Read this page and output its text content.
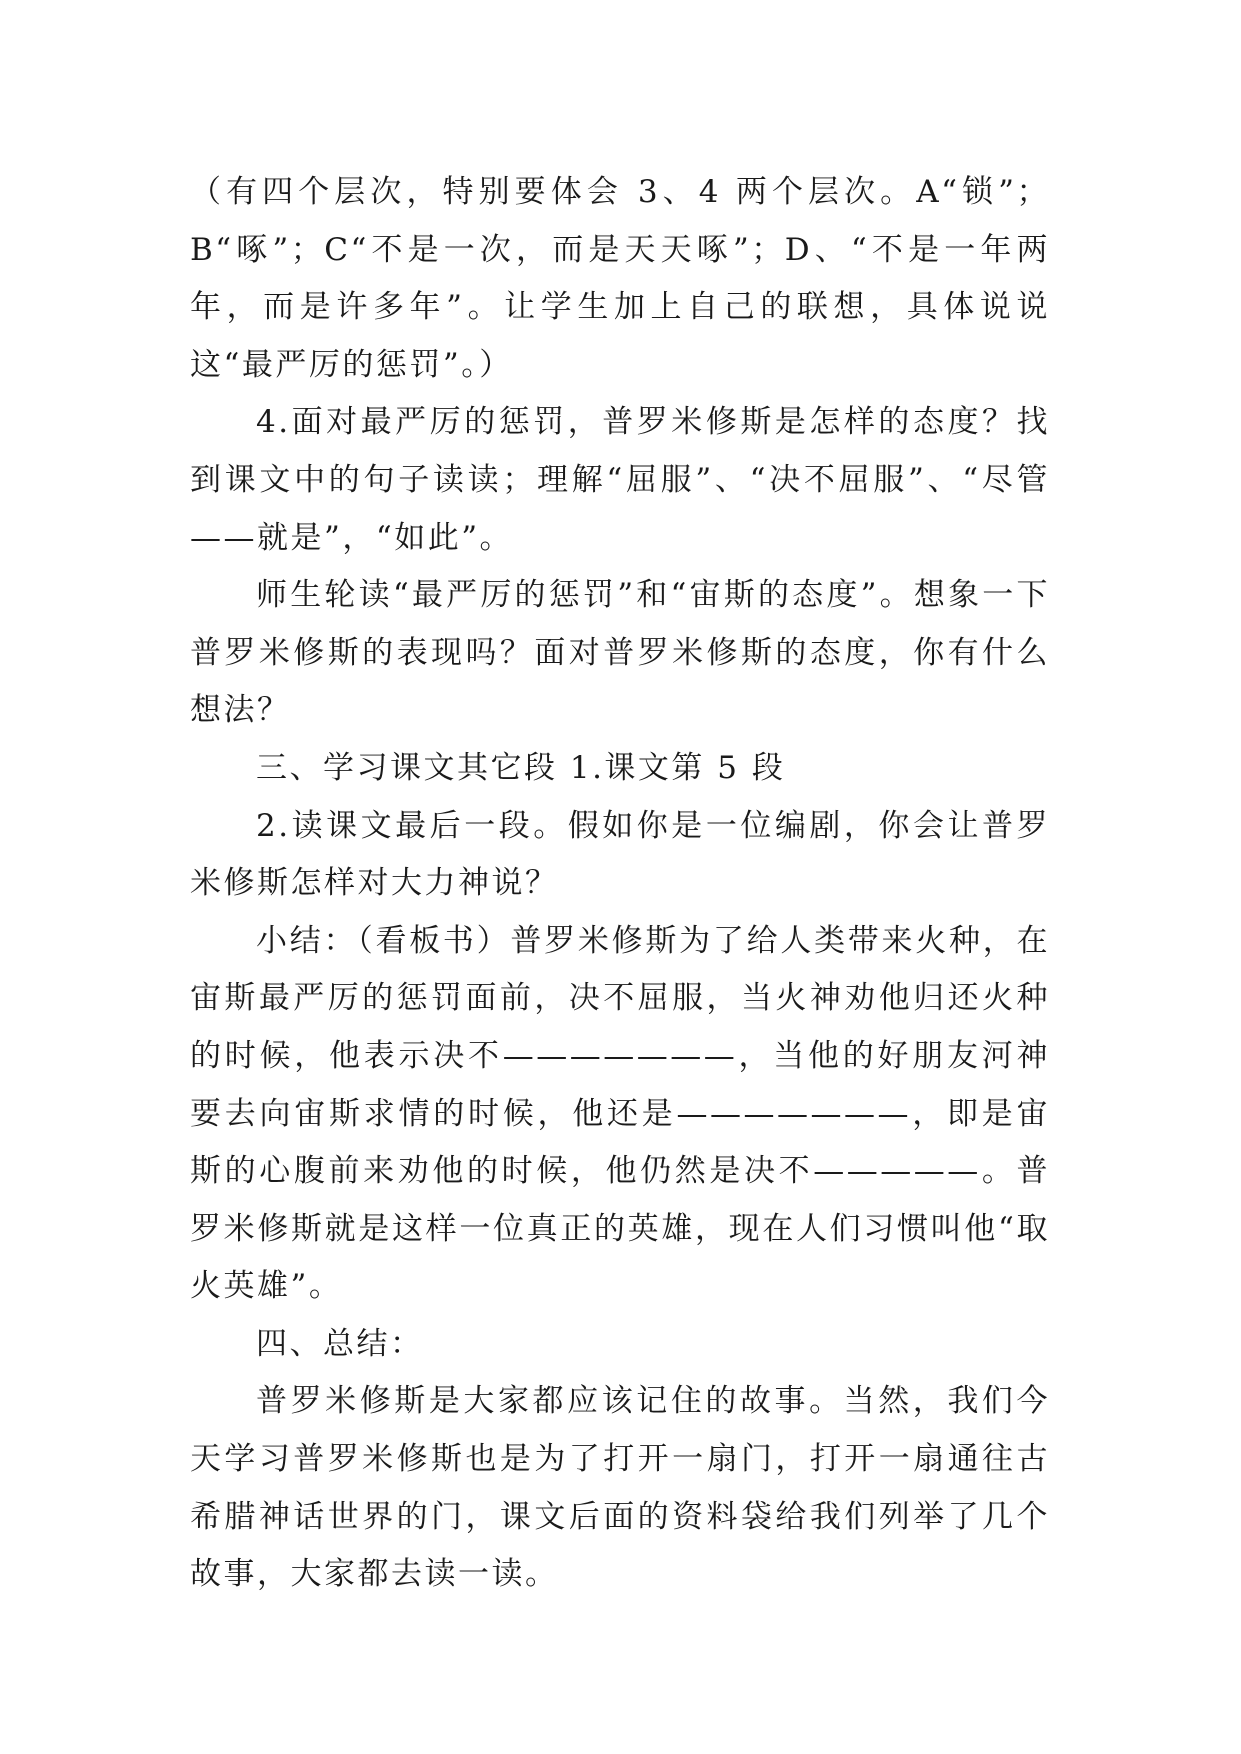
（有四个层次，特别要体会 3、4 两个层次。A“锁”；B“啄”；C“不是一次，而是天天啄”；D、“不是一年两年，而是许多年”。让学生加上自己的联想，具体说说这“最严厉的惩罚”。）

4.面对最严厉的惩罚，普罗米修斯是怎样的态度？找到课文中的句子读读；理解“屈服”、“决不屈服”、“尽管——就是”，“如此”。

师生轮读“最严厉的惩罚”和“宙斯的态度”。想象一下普罗米修斯的表现吗？面对普罗米修斯的态度，你有什么想法？

三、学习课文其它段 1.课文第 5 段

2.读课文最后一段。假如你是一位编剧，你会让普罗米修斯怎样对大力神说？

小结：（看板书）普罗米修斯为了给人类带来火种，在宙斯最严厉的惩罚面前，决不屈服，当火神劝他归还火种的时候，他表示决不———————，当他的好朋友河神要去向宙斯求情的时候，他还是———————，即是宙斯的心腹前来劝他的时候，他仍然是决不—————。普罗米修斯就是这样一位真正的英雄，现在人们习惯叫他“取火英雄”。

四、总结：

普罗米修斯是大家都应该记住的故事。当然，我们今天学习普罗米修斯也是为了打开一扇门，打开一扇通往古希腊神话世界的门，课文后面的资料袋给我们列举了几个故事，大家都去读一读。
